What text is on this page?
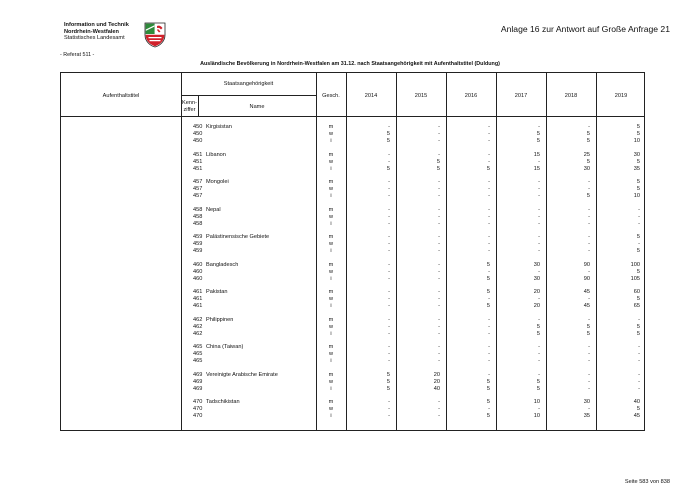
Information und Technik
Nordrhein-Westfalen
Statistisches Landesamt
Anlage 16 zur Antwort auf Große Anfrage 21
- Referat 511 -
Ausländische Bevölkerung in Nordrhein-Westfalen am 31.12. nach Staatsangehörigkeit mit Aufenthaltstitel (Duldung)
Aufenthaltstitel
Staatsangehörigkeit
Kenn-ziffer	Name
Gesch.	2014	2015	2016	2017	2018	2019
450 Kirgisistan	m	-	-	-	-	-	5
450	w	5	-	-	5	5	5
450	i	5	-	-	5	5	10
451 Libanon	m	-	-	-	15	25	30
451	w	-	5	-	-	5	5
451	i	5	5	5	15	30	35
457 Mongolei	m	-	-	-	-	-	5
457	w	-	-	-	-	-	5
457	i	-	-	-	-	5	10
458 Nepal	m	-	-	-	-	-	-
458	w	-	-	-	-	-	-
458	i	-	-	-	-	-	-
459 Palästinensische Gebiete	m	-	-	-	-	-	5
459	w	-	-	-	-	-	-
459	i	-	-	-	-	-	5
460 Bangladesch	m	-	-	5	30	90	100
460	w	-	-	-	-	-	5
460	i	-	-	5	30	90	105
461 Pakistan	m	-	-	5	20	45	60
461	w	-	-	-	-	-	5
461	i	-	-	5	20	45	65
462 Philippinen	m	-	-	-	-	-	-
462	w	-	-	-	5	5	5
462	i	-	-	-	5	5	5
465 China (Taiwan)	m	-	-	-	-	-	-
465	w	-	-	-	-	-	-
465	i	-	-	-	-	-	-
469 Vereinigte Arabische Emirate	m	5	20	-	-	-	-
469	w	5	20	5	5	-	-
469	i	5	40	5	5	-	-
470 Tadschikistan	m	-	-	5	10	30	40
470	w	-	-	-	-	-	5
470	i	-	-	5	10	35	45
Seite 583 von 838
